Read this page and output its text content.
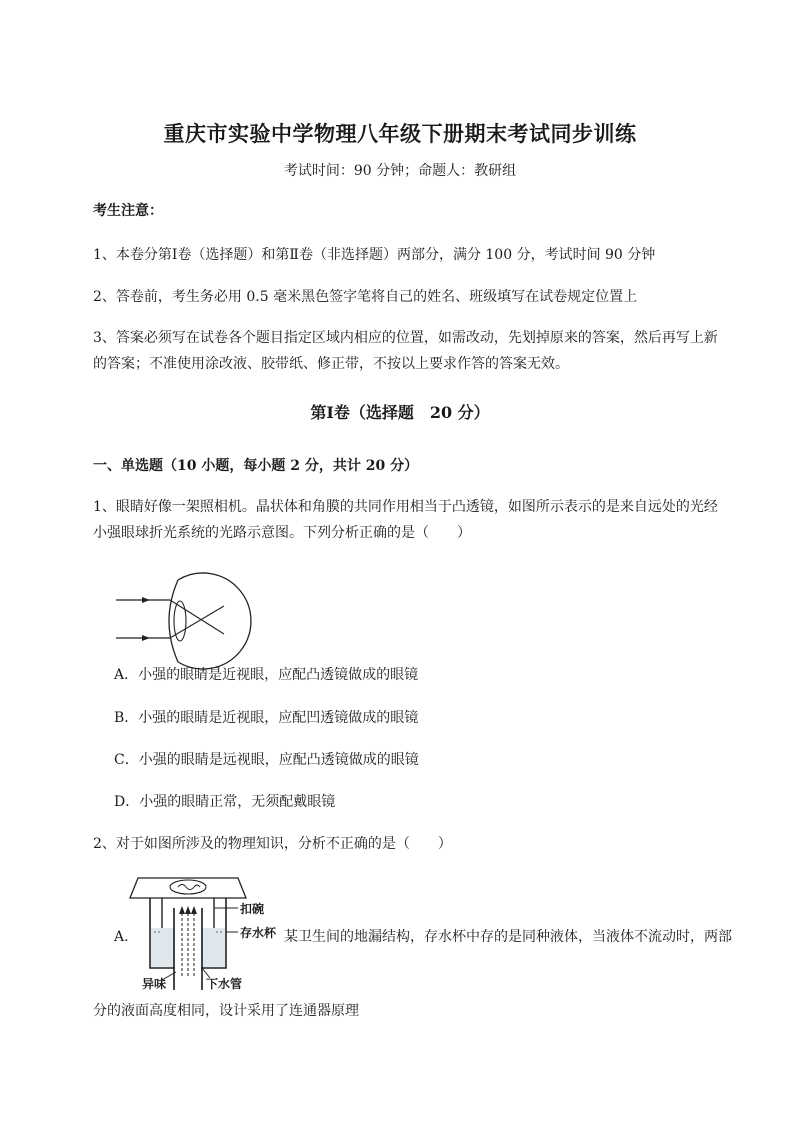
重庆市实验中学物理八年级下册期末考试同步训练
考试时间：90 分钟；命题人：教研组
考生注意：
1、本卷分第Ⅰ卷（选择题）和第Ⅱ卷（非选择题）两部分，满分 100 分，考试时间 90 分钟
2、答卷前，考生务必用 0.5 毫米黑色签字笔将自己的姓名、班级填写在试卷规定位置上
3、答案必须写在试卷各个题目指定区域内相应的位置，如需改动，先划掉原来的答案，然后再写上新
的答案；不准使用涂改液、胶带纸、修正带，不按以上要求作答的答案无效。
第Ⅰ卷（选择题　20 分）
一、单选题（10 小题，每小题 2 分，共计 20 分）
1、眼睛好像一架照相机。晶状体和角膜的共同作用相当于凸透镜，如图所示表示的是来自远处的光经
小强眼球折光系统的光路示意图。下列分析正确的是（　　）
A．小强的眼睛是近视眼，应配凸透镜做成的眼镜
B．小强的眼睛是近视眼，应配凹透镜做成的眼镜
C．小强的眼睛是远视眼，应配凸透镜做成的眼镜
D．小强的眼睛正常，无须配戴眼镜
2、对于如图所涉及的物理知识，分析不正确的是（　　）
扣碗
存水杯
异味	下水管
A．	某卫生间的地漏结构，存水杯中存的是同种液体，当液体不流动时，两部
分的液面高度相同，设计采用了连通器原理
